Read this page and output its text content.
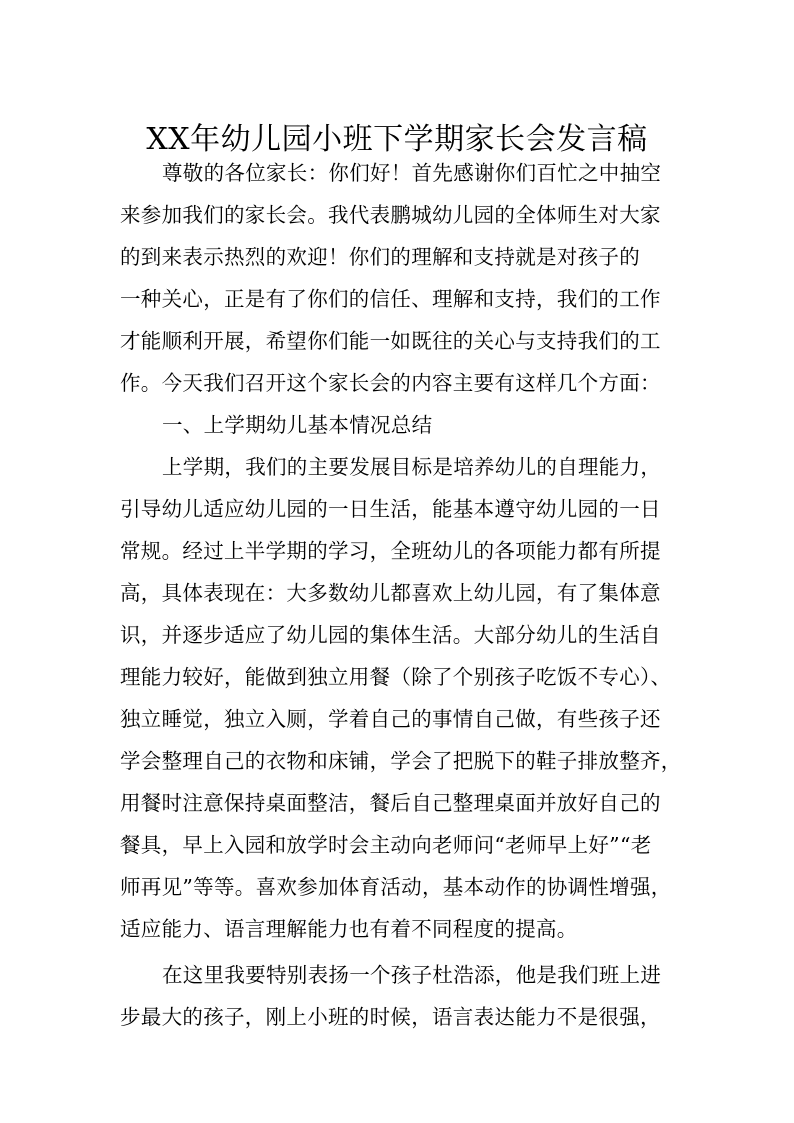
XX年幼儿园小班下学期家长会发言稿
尊敬的各位家长：你们好！首先感谢你们百忙之中抽空
来参加我们的家长会。我代表鹏城幼儿园的全体师生对大家
的到来表示热烈的欢迎！你们的理解和支持就是对孩子的
一种关心，正是有了你们的信任、理解和支持，我们的工作
才能顺利开展，希望你们能一如既往的关心与支持我们的工
作。今天我们召开这个家长会的内容主要有这样几个方面：
一、上学期幼儿基本情况总结
上学期，我们的主要发展目标是培养幼儿的自理能力，
引导幼儿适应幼儿园的一日生活，能基本遵守幼儿园的一日
常规。经过上半学期的学习，全班幼儿的各项能力都有所提
高，具体表现在：大多数幼儿都喜欢上幼儿园，有了集体意
识，并逐步适应了幼儿园的集体生活。大部分幼儿的生活自
理能力较好，能做到独立用餐（除了个别孩子吃饭不专心）、
独立睡觉，独立入厕，学着自己的事情自己做，有些孩子还
学会整理自己的衣物和床铺，学会了把脱下的鞋子排放整齐，
用餐时注意保持桌面整洁，餐后自己整理桌面并放好自己的
餐具，早上入园和放学时会主动向老师问“老师早上好”“老
师再见”等等。喜欢参加体育活动，基本动作的协调性增强，
适应能力、语言理解能力也有着不同程度的提高。
在这里我要特别表扬一个孩子杜浩添，他是我们班上进
步最大的孩子，刚上小班的时候，语言表达能力不是很强，
